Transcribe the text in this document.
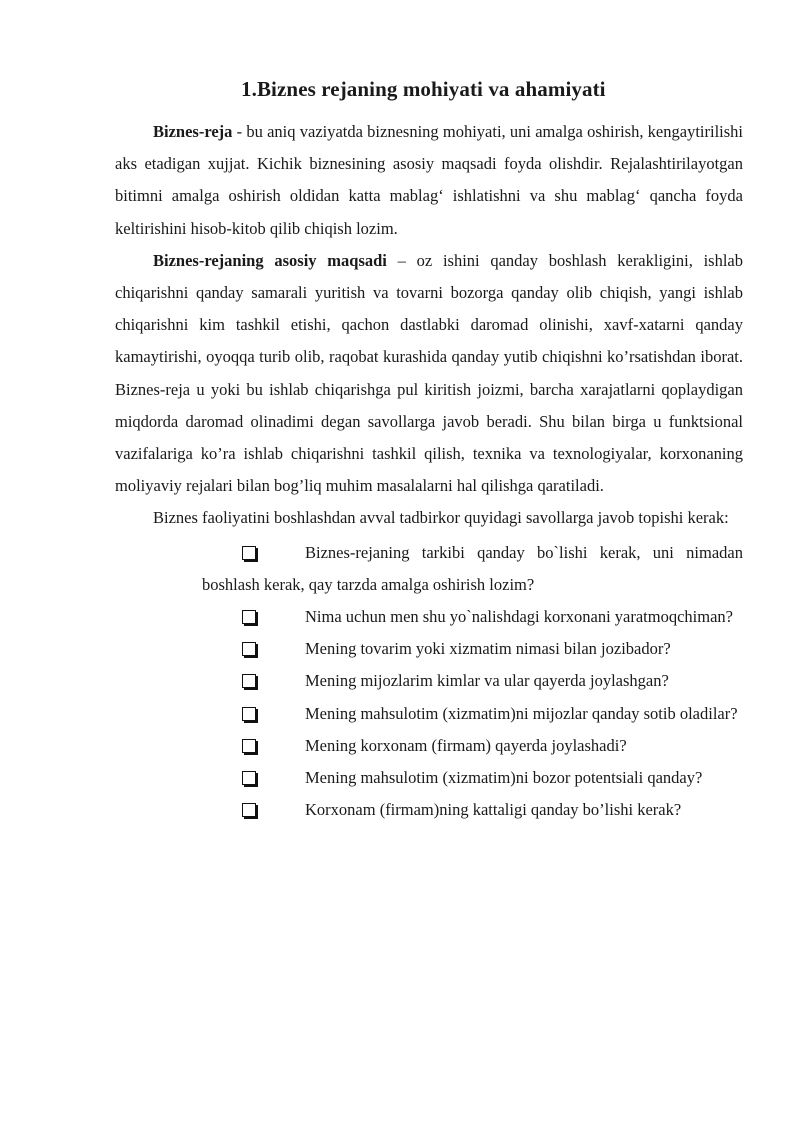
1.Biznes rejaning mohiyati va ahamiyati

Biznes-reja - bu aniq vaziyatda biznesning mohiyati, uni amalga oshirish, kengaytirilishi aks etadigan xujjat. Kichik biznesining asosiy maqsadi foyda olishdir. Rejalashtirilayotgan bitimni amalga oshirish oldidan katta mablag‘ ishlatishni va shu mablag‘ qancha foyda keltirishini hisob-kitob qilib chiqish lozim.

Biznes-rejaning asosiy maqsadi – oz ishini qanday boshlash kerakligini, ishlab chiqarishni qanday samarali yuritish va tovarni bozorga qanday olib chiqish, yangi ishlab chiqarishni kim tashkil etishi, qachon dastlabki daromad olinishi, xavf-xatarni qanday kamaytirishi, oyoqqa turib olib, raqobat kurashida qanday yutib chiqishni ko’rsatishdan iborat. Biznes-reja u yoki bu ishlab chiqarishga pul kiritish joizmi, barcha xarajatlarni qoplaydigan miqdorda daromad olinadimi degan savollarga javob beradi. Shu bilan birga u funktsional vazifalariga ko’ra ishlab chiqarishni tashkil qilish, texnika va texnologiyalar, korxonaning moliyaviy rejalari bilan bog’liq muhim masalalarni hal qilishga qaratiladi.

Biznes faoliyatini boshlashdan avval tadbirkor quyidagi savollarga javob topishi kerak:

Biznes-rejaning tarkibi qanday bo`lishi kerak, uni nimadan boshlash kerak, qay tarzda amalga oshirish lozim?
Nima uchun men shu yo`nalishdagi korxonani yaratmoqchiman?
Mening tovarim yoki xizmatim nimasi bilan jozibador?
Mening mijozlarim kimlar va ular qayerda joylashgan?
Mening mahsulotim (xizmatim)ni mijozlar qanday sotib oladilar?
Mening korxonam (firmam) qayerda joylashadi?
Mening mahsulotim (xizmatim)ni bozor potentsiali qanday?
Korxonam (firmam)ning kattaligi qanday bo’lishi kerak?
